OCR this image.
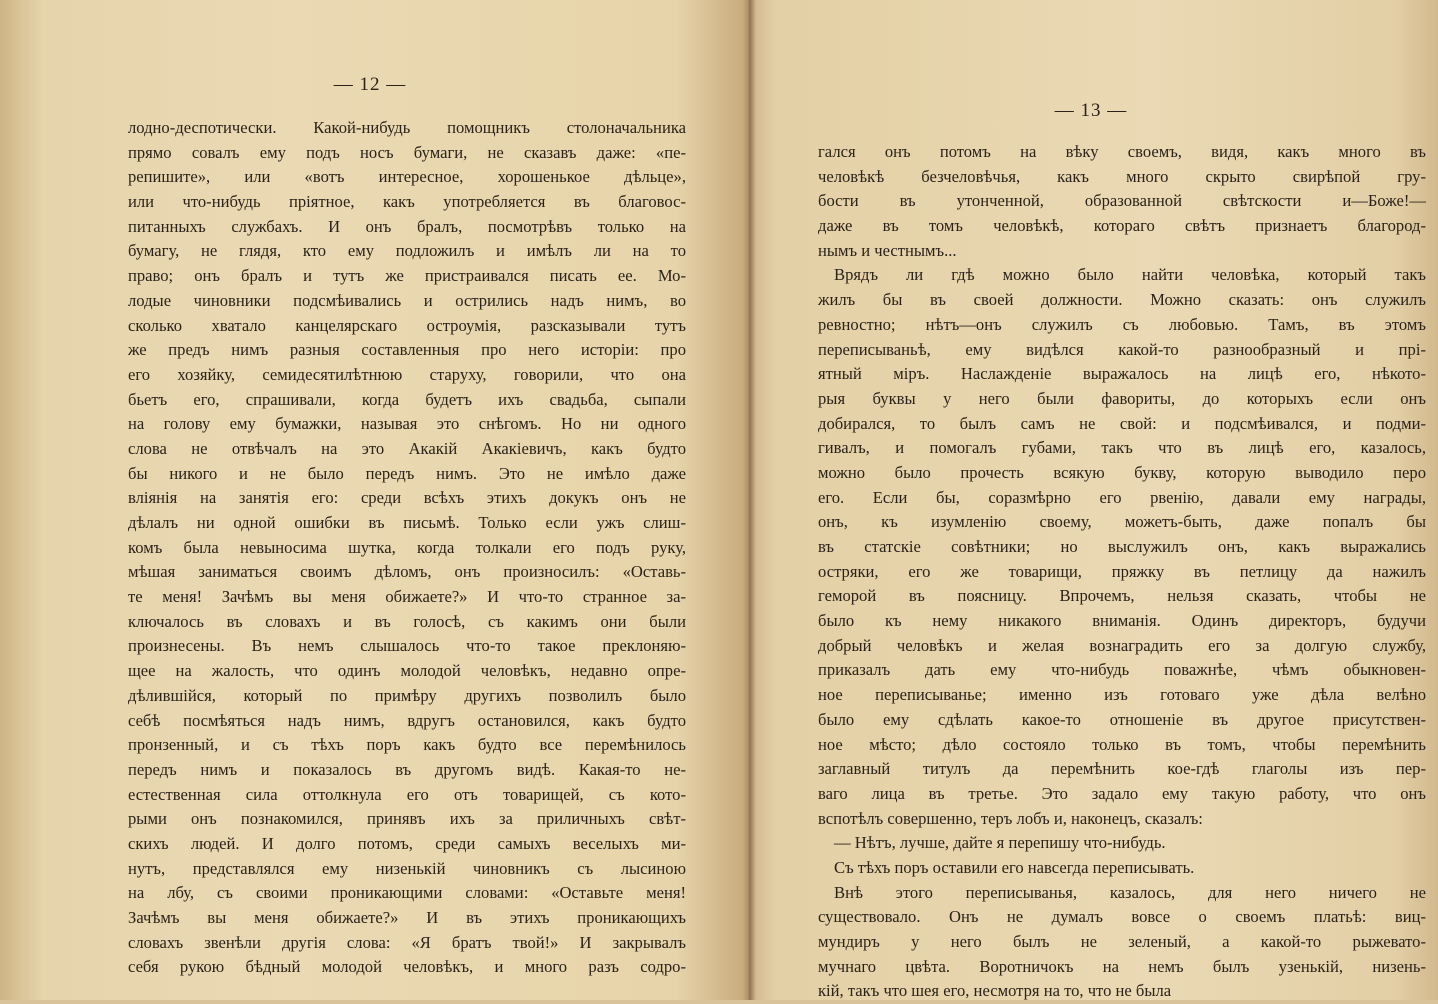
— 12 —
лодно-деспотически. Какой-нибудь помощникъ столоначальника
прямо совалъ ему подъ носъ бумаги, не сказавъ даже: «пе-
репишите», или «вотъ интересное, хорошенькое дѣльце»,
или что-нибудь пріятное, какъ употребляется въ благовос-
питанныхъ службахъ. И онъ бралъ, посмотрѣвъ только на
бумагу, не глядя, кто ему подложилъ и имѣлъ ли на то
право; онъ бралъ и тутъ же пристраивался писать ее. Мо-
лодые чиновники подсмѣивались и острились надъ нимъ, во
сколько хватало канцелярскаго остроумія, разсказывали тутъ
же предъ нимъ разныя составленныя про него исторіи: про
его хозяйку, семидесятилѣтнюю старуху, говорили, что она
бьетъ его, спрашивали, когда будетъ ихъ свадьба, сыпали
на голову ему бумажки, называя это снѣгомъ. Но ни одного
слова не отвѣчалъ на это Акакій Акакіевичъ, какъ будто
бы никого и не было передъ нимъ. Это не имѣло даже
вліянія на занятія его: среди всѣхъ этихъ докукъ онъ не
дѣлалъ ни одной ошибки въ письмѣ. Только если ужъ слиш-
комъ была невыносима шутка, когда толкали его подъ руку,
мѣшая заниматься своимъ дѣломъ, онъ произносилъ: «Оставь-
те меня! Зачѣмъ вы меня обижаете?» И что-то странное за-
ключалось въ словахъ и въ голосѣ, съ какимъ они были
произнесены. Въ немъ слышалось что-то такое преклоняю-
щее на жалость, что одинъ молодой человѣкъ, недавно опре-
дѣлившійся, который по примѣру другихъ позволилъ было
себѣ посмѣяться надъ нимъ, вдругъ остановился, какъ будто
пронзенный, и съ тѣхъ поръ какъ будто все перемѣнилось
передъ нимъ и показалось въ другомъ видѣ. Какая-то не-
естественная сила оттолкнула его отъ товарищей, съ кото-
рыми онъ познакомился, принявъ ихъ за приличныхъ свѣт-
скихъ людей. И долго потомъ, среди самыхъ веселыхъ ми-
нутъ, представлялся ему низенькій чиновникъ съ лысиною
на лбу, съ своими проникающими словами: «Оставьте меня!
Зачѣмъ вы меня обижаете?» И въ этихъ проникающихъ
словахъ звенѣли другія слова: «Я братъ твой!» И закрывалъ
себя рукою бѣдный молодой человѣкъ, и много разъ содро-
— 13 —
гался онъ потомъ на вѣку своемъ, видя, какъ много въ
человѣкѣ безчеловѣчья, какъ много скрыто свирѣпой гру-
бости въ утонченной, образованной свѣтскости и—Боже!—
даже въ томъ человѣкѣ, котораго свѣтъ признаетъ благород-
нымъ и честнымъ...
Врядъ ли гдѣ можно было найти человѣка, который такъ
жилъ бы въ своей должности. Можно сказать: онъ служилъ
ревностно; нѣтъ—онъ служилъ съ любовью. Тамъ, въ этомъ
переписываньѣ, ему видѣлся какой-то разнообразный и прі-
ятный міръ. Наслажденіе выражалось на лицѣ его, нѣкото-
рыя буквы у него были фавориты, до которыхъ если онъ
добирался, то былъ самъ не свой: и подсмѣивался, и подми-
гивалъ, и помогалъ губами, такъ что въ лицѣ его, казалось,
можно было прочесть всякую букву, которую выводило перо
его. Если бы, соразмѣрно его рвенію, давали ему награды,
онъ, къ изумленію своему, можетъ-быть, даже попалъ бы
въ статскіе совѣтники; но выслужилъ онъ, какъ выражались
остряки, его же товарищи, пряжку въ петлицу да нажилъ
геморой въ поясницу. Впрочемъ, нельзя сказать, чтобы не
было къ нему никакого вниманія. Одинъ директоръ, будучи
добрый человѣкъ и желая вознаградить его за долгую службу,
приказалъ дать ему что-нибудь поважнѣе, чѣмъ обыкновен-
ное переписыванье; именно изъ готоваго уже дѣла велѣно
было ему сдѣлать какое-то отношеніе въ другое присутствен-
ное мѣсто; дѣло состояло только въ томъ, чтобы перемѣнить
заглавный титулъ да перемѣнить кое-гдѣ глаголы изъ пер-
ваго лица въ третье. Это задало ему такую работу, что онъ
вспотѣлъ совершенно, теръ лобъ и, наконецъ, сказалъ:
— Нѣтъ, лучше, дайте я перепишу что-нибудь.
Съ тѣхъ поръ оставили его навсегда переписывать.
Внѣ этого переписыванья, казалось, для него ничего не
существовало. Онъ не думалъ вовсе о своемъ платьѣ: виц-
мундиръ у него былъ не зеленый, а какой-то рыжевато-
мучнаго цвѣта. Воротничокъ на немъ былъ узенькій, низень-
кій, такъ что шея его, несмотря на то, что не была
